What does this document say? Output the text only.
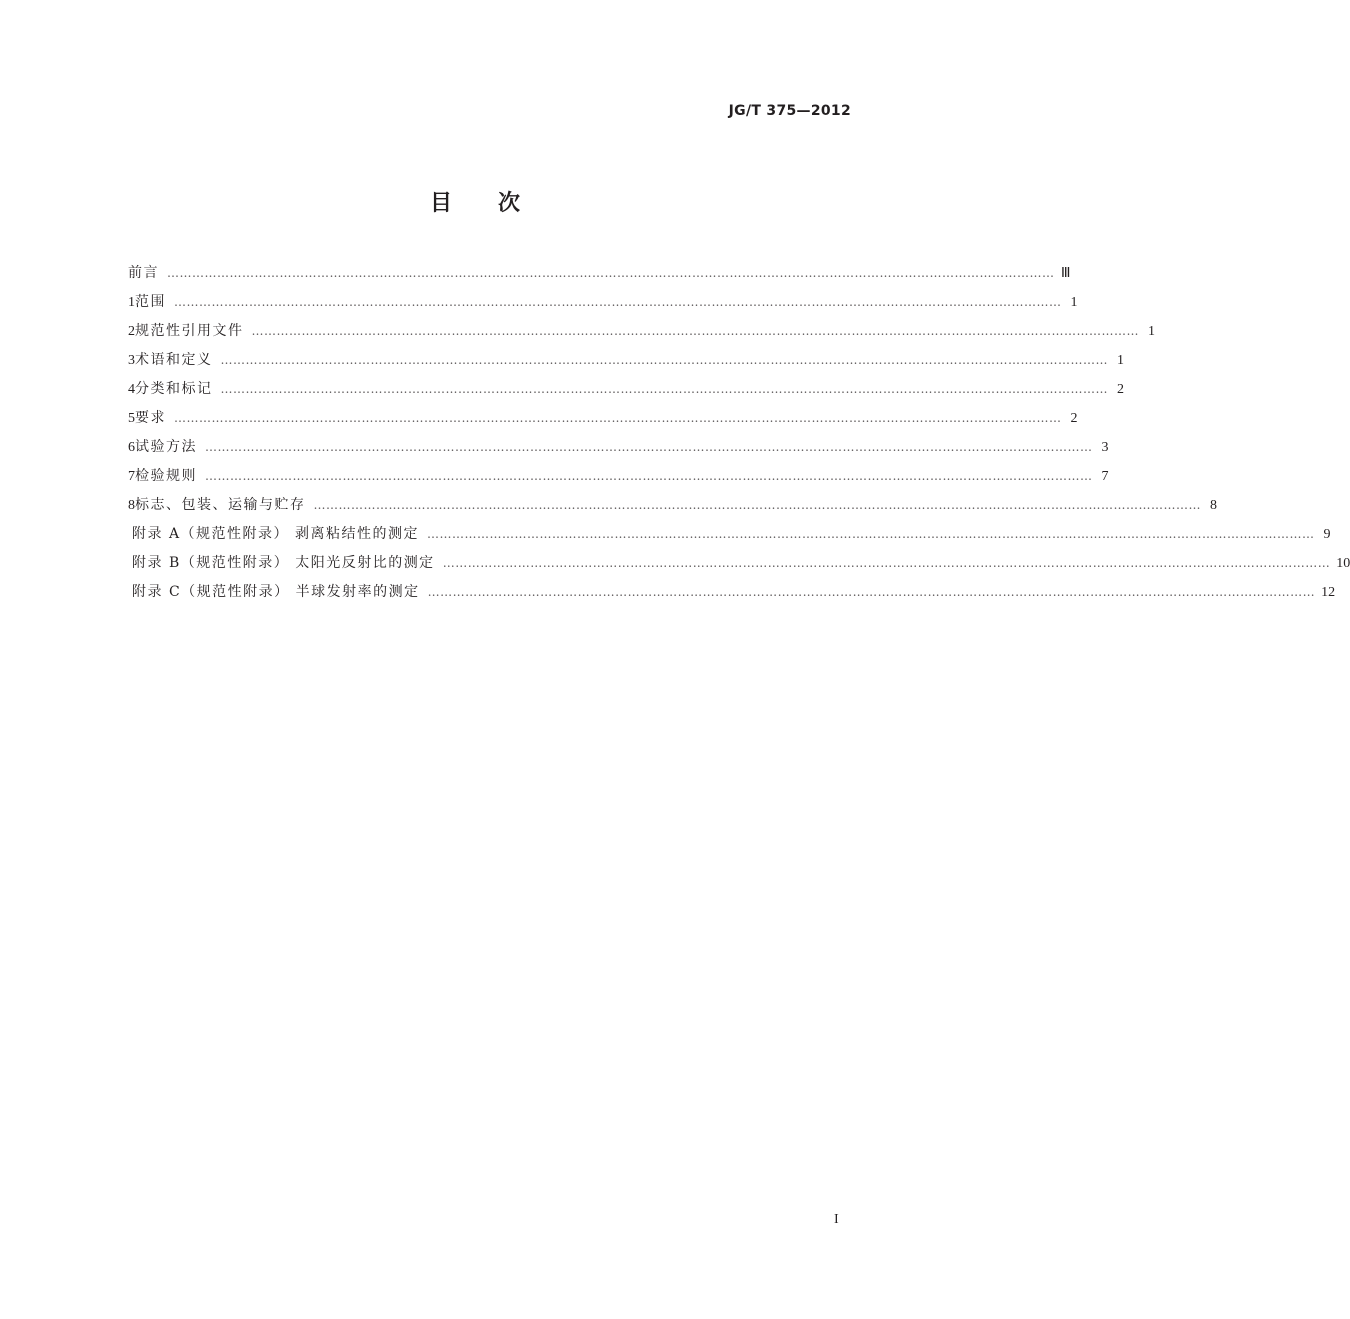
JG/T 375—2012
目次
前言 …………………………………………………………………………………………………………………………………………………………………………………………… Ⅲ
1 范围 …………………………………………………………………………………………………………………………………………………………………………………………… 1
2 规范性引用文件 …………………………………………………………………………………………………………………………………………………………………………………………… 1
3 术语和定义 …………………………………………………………………………………………………………………………………………………………………………………………… 1
4 分类和标记 …………………………………………………………………………………………………………………………………………………………………………………………… 2
5 要求 …………………………………………………………………………………………………………………………………………………………………………………………… 2
6 试验方法 …………………………………………………………………………………………………………………………………………………………………………………………… 3
7 检验规则 …………………………………………………………………………………………………………………………………………………………………………………………… 7
8 标志、包装、运输与贮存 …………………………………………………………………………………………………………………………………………………………………………………………… 8
附录 A（规范性附录） 剥离粘结性的测定 …………………………………………………………………………………………………………………………………………………………………………………………… 9
附录 B（规范性附录） 太阳光反射比的测定 …………………………………………………………………………………………………………………………………………………………………………………………… 10
附录 C（规范性附录） 半球发射率的测定 …………………………………………………………………………………………………………………………………………………………………………………………… 12
I
